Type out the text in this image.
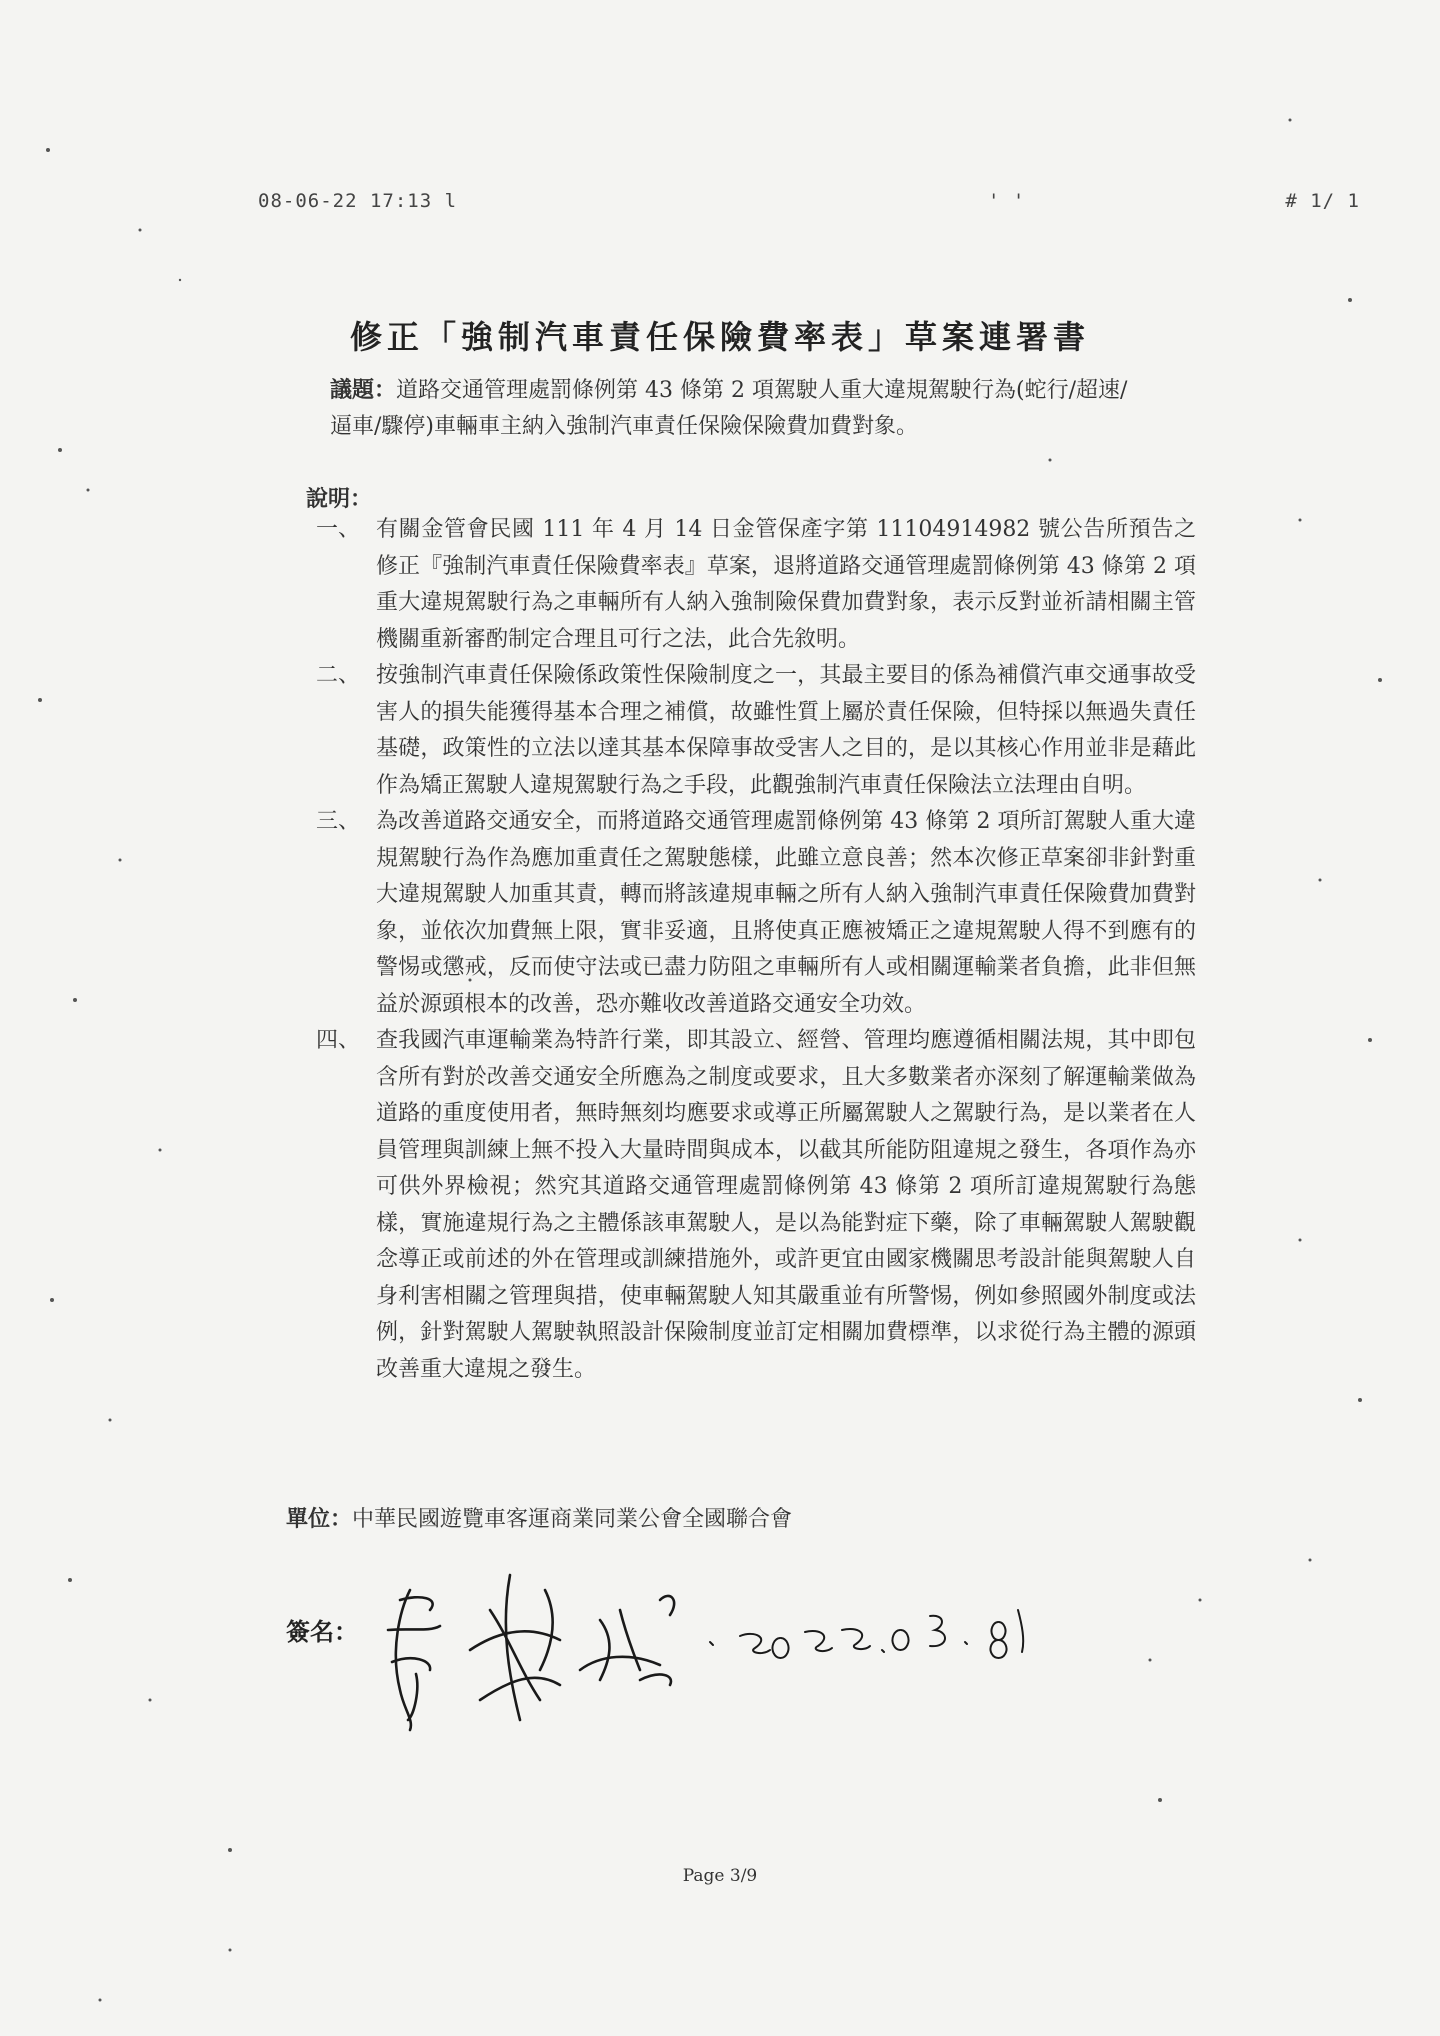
08-06-22 17:13 l	' '	# 1/ 1
修正「強制汽車責任保險費率表」草案連署書
議題：道路交通管理處罰條例第 43 條第 2 項駕駛人重大違規駕駛行為(蛇行/超速/逼車/驟停)車輛車主納入強制汽車責任保險保險費加費對象。
說明：
一、 有關金管會民國 111 年 4 月 14 日金管保產字第 11104914982 號公告所預告之修正『強制汽車責任保險費率表』草案，退將道路交通管理處罰條例第 43 條第 2 項重大違規駕駛行為之車輛所有人納入強制險保費加費對象，表示反對並祈請相關主管機關重新審酌制定合理且可行之法，此合先敘明。
二、 按強制汽車責任保險係政策性保險制度之一，其最主要目的係為補償汽車交通事故受害人的損失能獲得基本合理之補償，故雖性質上屬於責任保險，但特採以無過失責任基礎，政策性的立法以達其基本保障事故受害人之目的，是以其核心作用並非是藉此作為矯正駕駛人違規駕駛行為之手段，此觀強制汽車責任保險法立法理由自明。
三、 為改善道路交通安全，而將道路交通管理處罰條例第 43 條第 2 項所訂駕駛人重大違規駕駛行為作為應加重責任之駕駛態樣，此雖立意良善；然本次修正草案卻非針對重大違規駕駛人加重其責，轉而將該違規車輛之所有人納入強制汽車責任保險費加費對象，並依次加費無上限，實非妥適，且將使真正應被矯正之違規駕駛人得不到應有的警惕或懲戒，反而使守法或已盡力防阻之車輛所有人或相關運輸業者負擔，此非但無益於源頭根本的改善，恐亦難收改善道路交通安全功效。
四、 查我國汽車運輸業為特許行業，即其設立、經營、管理均應遵循相關法規，其中即包含所有對於改善交通安全所應為之制度或要求，且大多數業者亦深刻了解運輸業做為道路的重度使用者，無時無刻均應要求或導正所屬駕駛人之駕駛行為，是以業者在人員管理與訓練上無不投入大量時間與成本，以截其所能防阻違規之發生，各項作為亦可供外界檢視；然究其道路交通管理處罰條例第 43 條第 2 項所訂違規駕駛行為態樣，實施違規行為之主體係該車駕駛人，是以為能對症下藥，除了車輛駕駛人駕駛觀念導正或前述的外在管理或訓練措施外，或許更宜由國家機關思考設計能與駕駛人自身利害相關之管理與措，使車輛駕駛人知其嚴重並有所警惕，例如參照國外制度或法例，針對駕駛人駕駛執照設計保險制度並訂定相關加費標準，以求從行為主體的源頭改善重大違規之發生。
單位：中華民國遊覽車客運商業同業公會全國聯合會
簽名：
Page 3/9
